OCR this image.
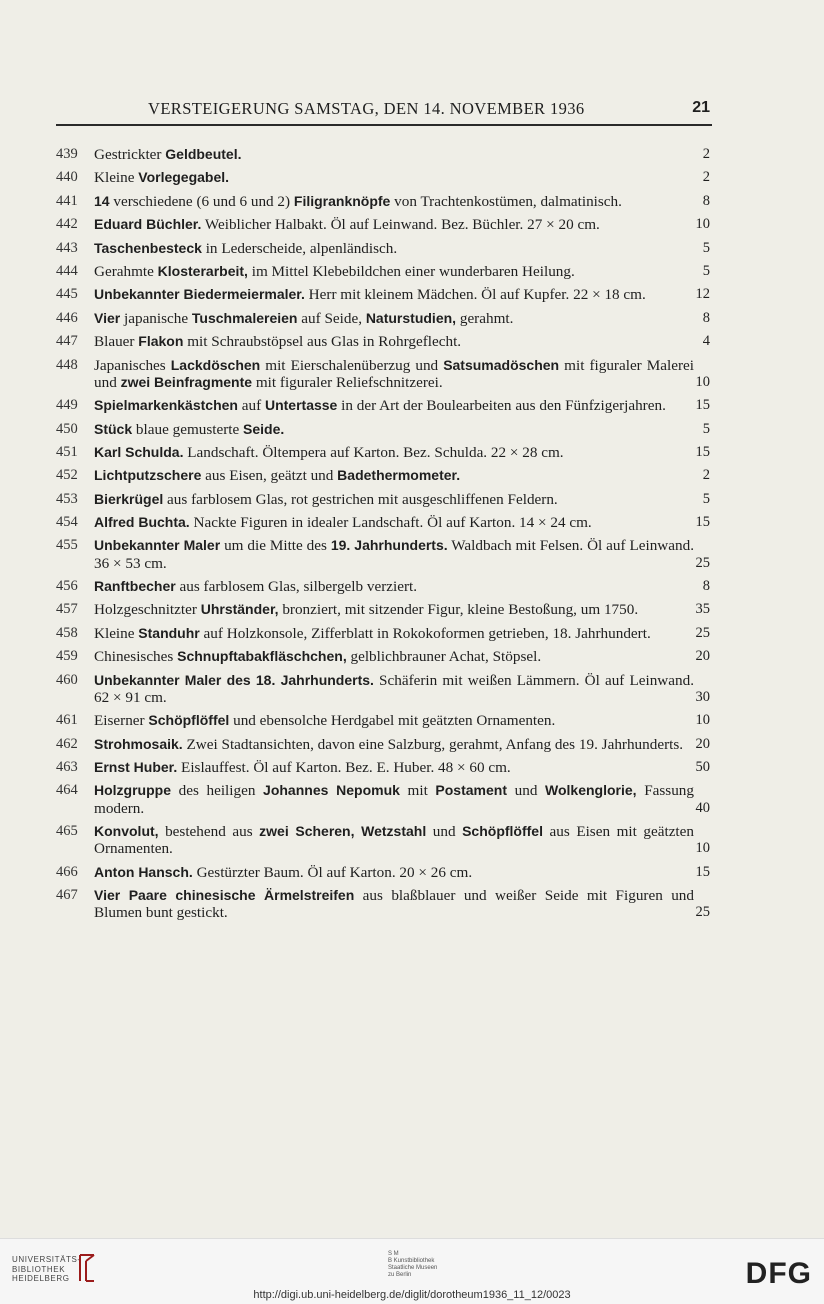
VERSTEIGERUNG SAMSTAG, DEN 14. NOVEMBER 1936	21
439	Gestrickter Geldbeutel.	2
440	Kleine Vorlegegabel.	2
441	14 verschiedene (6 und 6 und 2) Filigranknöpfe von Trachtenkostümen, dalmatinisch.	8
442	Eduard Büchler. Weiblicher Halbakt. Öl auf Leinwand. Bez. Büchler. 27 × 20 cm.	10
443	Taschenbesteck in Lederscheide, alpenländisch.	5
444	Gerahmte Klosterarbeit, im Mittel Klebebildchen einer wunderbaren Heilung.	5
445	Unbekannter Biedermeiermaler. Herr mit kleinem Mädchen. Öl auf Kupfer. 22 × 18 cm.	12
446	Vier japanische Tuschmalereien auf Seide, Naturstudien, gerahmt.	8
447	Blauer Flakon mit Schraubstöpsel aus Glas in Rohrgeflecht.	4
448	Japanisches Lackdöschen mit Eierschalenüberzug und Satsumadöschen mit figuraler Malerei und zwei Beinfragmente mit figuraler Reliefschnitzerei.	10
449	Spielmarkenkästchen auf Untertasse in der Art der Boulearbeiten aus den Fünfzigerjahren.	15
450	Stück blaue gemusterte Seide.	5
451	Karl Schulda. Landschaft. Öltempera auf Karton. Bez. Schulda. 22 × 28 cm.	15
452	Lichtputzschere aus Eisen, geätzt und Badethermometer.	2
453	Bierkrügel aus farblosem Glas, rot gestrichen mit ausgeschliffenen Feldern.	5
454	Alfred Buchta. Nackte Figuren in idealer Landschaft. Öl auf Karton. 14 × 24 cm.	15
455	Unbekannter Maler um die Mitte des 19. Jahrhunderts. Waldbach mit Felsen. Öl auf Leinwand. 36 × 53 cm.	25
456	Ranftbecher aus farblosem Glas, silbergelb verziert.	8
457	Holzgeschnitzter Uhrständer, bronziert, mit sitzender Figur, kleine Bestoßung, um 1750.	35
458	Kleine Standuhr auf Holzkonsole, Zifferblatt in Rokokoformen getrieben, 18. Jahrhundert.	25
459	Chinesisches Schnupftabakfläschchen, gelblichbrauner Achat, Stöpsel.	20
460	Unbekannter Maler des 18. Jahrhunderts. Schäferin mit weißen Lämmern. Öl auf Leinwand. 62 × 91 cm.	30
461	Eiserner Schöpflöffel und ebensolche Herdgabel mit geätzten Ornamenten.	10
462	Strohmosaik. Zwei Stadtansichten, davon eine Salzburg, gerahmt, Anfang des 19. Jahrhunderts. 20
463	Ernst Huber. Eislauffest. Öl auf Karton. Bez. E. Huber. 48 × 60 cm.	50
464	Holzgruppe des heiligen Johannes Nepomuk mit Postament und Wolkenglorie, Fassung modern.	40
465	Konvolut, bestehend aus zwei Scheren, Wetzstahl und Schöpflöffel aus Eisen mit geätzten Ornamenten.	10
466	Anton Hansch. Gestürzter Baum. Öl auf Karton. 20 × 26 cm.	15
467	Vier Paare chinesische Ärmelstreifen aus blaßblauer und weißer Seide mit Figuren und Blumen bunt gestickt.	25
UNIVERSITÄTS-
BIBLIOTHEK
HEIDELBERG
S M
B Kunstbibliothek
Staatliche Museen
zu Berlin	DFG
http://digi.ub.uni-heidelberg.de/diglit/dorotheum1936_11_12/0023
